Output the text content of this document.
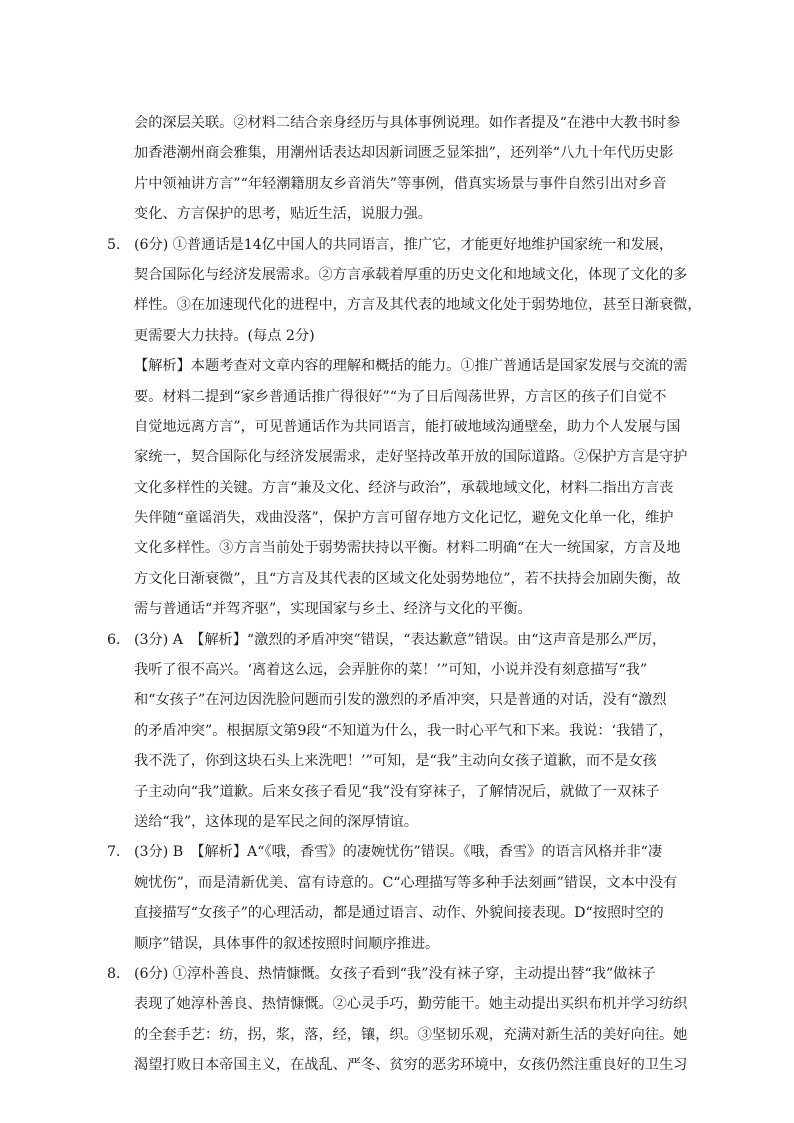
会的深层关联。②材料二结合亲身经历与具体事例说理。如作者提及“在港中大教书时参
加香港潮州商会雅集，用潮州话表达却因新词匮乏显笨拙”，还列举“八九十年代历史影
片中领袖讲方言”“年轻潮籍朋友乡音消失”等事例，借真实场景与事件自然引出对乡音
变化、方言保护的思考，贴近生活，说服力强。
5． (6分) ①普通话是14亿中国人的共同语言，推广它，才能更好地维护国家统一和发展，
契合国际化与经济发展需求。②方言承载着厚重的历史文化和地域文化，体现了文化的多
样性。③在加速现代化的进程中，方言及其代表的地域文化处于弱势地位，甚至日渐衰微，
更需要大力扶持。(每点 2分)
【解析】本题考查对文章内容的理解和概括的能力。①推广普通话是国家发展与交流的需
要。材料二提到“家乡普通话推广得很好”“为了日后闯荡世界，方言区的孩子们自觉不
自觉地远离方言”，可见普通话作为共同语言，能打破地域沟通壁垒，助力个人发展与国
家统一，契合国际化与经济发展需求，走好坚持改革开放的国际道路。②保护方言是守护
文化多样性的关键。方言“兼及文化、经济与政治”，承载地域文化，材料二指出方言丧
失伴随“童谣消失，戏曲没落”，保护方言可留存地方文化记忆，避免文化单一化，维护
文化多样性。③方言当前处于弱势需扶持以平衡。材料二明确“在大一统国家，方言及地
方文化日渐衰微”，且“方言及其代表的区域文化处弱势地位”，若不扶持会加剧失衡，故
需与普通话“并驾齐驱”，实现国家与乡土、经济与文化的平衡。
6． (3分) A　【解析】“激烈的矛盾冲突”错误，“表达歉意”错误。由“这声音是那么严厉，
我听了很不高兴。‘离着这么远，会弄脏你的菜！’”可知，小说并没有刻意描写“我”
和“女孩子”在河边因洗脸问题而引发的激烈的矛盾冲突，只是普通的对话，没有“激烈
的矛盾冲突”。根据原文第9段“不知道为什么，我一时心平气和下来。我说：‘我错了，
我不洗了，你到这块石头上来洗吧！’”可知，是“我”主动向女孩子道歉，而不是女孩
子主动向“我”道歉。后来女孩子看见“我”没有穿袜子，了解情况后，就做了一双袜子
送给“我”，这体现的是军民之间的深厚情谊。
7． (3分) B　【解析】A“《哦，香雪》的凄婉忧伤”错误。《哦，香雪》的语言风格并非“凄
婉忧伤”，而是清新优美、富有诗意的。C“心理描写等多种手法刻画”错误，文本中没有
直接描写“女孩子”的心理活动，都是通过语言、动作、外貌间接表现。D“按照时空的
顺序”错误，具体事件的叙述按照时间顺序推进。
8． (6分) ①淳朴善良、热情慷慨。女孩子看到“我”没有袜子穿，主动提出替“我”做袜子
表现了她淳朴善良、热情慷慨。②心灵手巧，勤劳能干。她主动提出买织布机并学习纺织
的全套手艺：纺，拐，浆，落，经，镶，织。③坚韧乐观，充满对新生活的美好向往。她
渴望打败日本帝国主义，在战乱、严冬、贫穷的恶劣环境中，女孩仍然注重良好的卫生习
